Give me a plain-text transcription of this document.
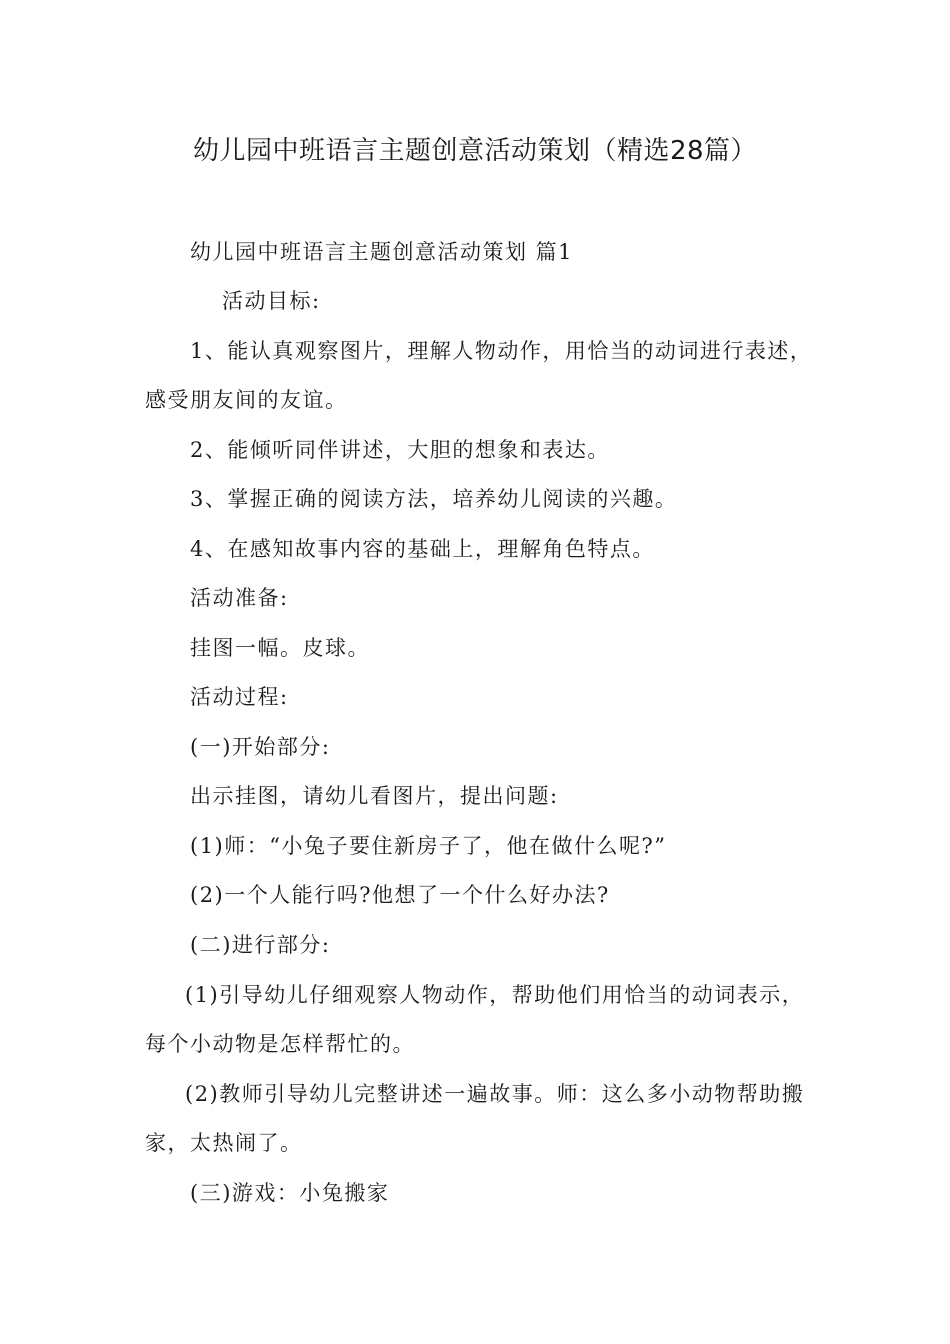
幼儿园中班语言主题创意活动策划（精选28篇）
幼儿园中班语言主题创意活动策划 篇1
活动目标:
1、能认真观察图片，理解人物动作，用恰当的动词进行表述，
感受朋友间的友谊。
2、能倾听同伴讲述，大胆的想象和表达。
3、掌握正确的阅读方法，培养幼儿阅读的兴趣。
4、在感知故事内容的基础上，理解角色特点。
活动准备:
挂图一幅。皮球。
活动过程:
(一)开始部分:
出示挂图，请幼儿看图片，提出问题:
(1)师：“小兔子要住新房子了，他在做什么呢?”
(2)一个人能行吗?他想了一个什么好办法?
(二)进行部分:
(1)引导幼儿仔细观察人物动作，帮助他们用恰当的动词表示，
每个小动物是怎样帮忙的。
(2)教师引导幼儿完整讲述一遍故事。师：这么多小动物帮助搬
家，太热闹了。
(三)游戏：小兔搬家
